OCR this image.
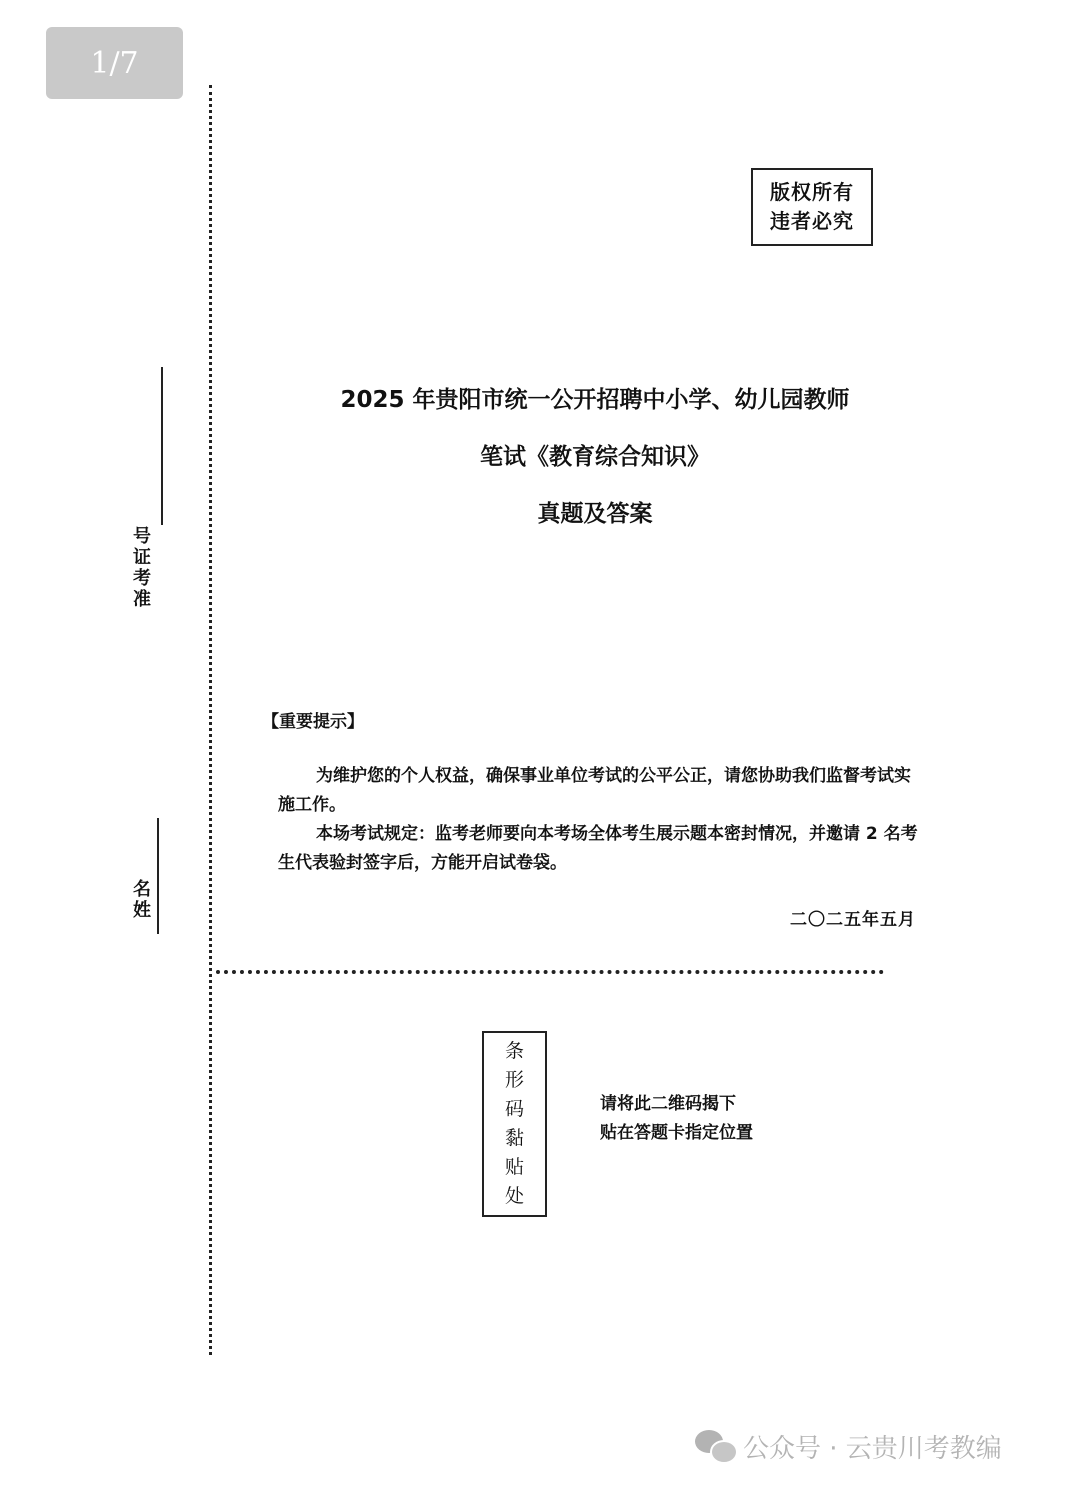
1/7
版权所有
违者必究
2025 年贵阳市统一公开招聘中小学、幼儿园教师
笔试《教育综合知识》
真题及答案
号证考准
名姓
【重要提示】

为维护您的个人权益，确保事业单位考试的公平公正，请您协助我们监督考试实施工作。

本场考试规定：监考老师要向本考场全体考生展示题本密封情况，并邀请 2 名考生代表验封签字后，方能开启试卷袋。

二〇二五年五月
条
形
码
黏
贴
处
请将此二维码揭下
贴在答题卡指定位置
公众号 · 云贵川考教编
